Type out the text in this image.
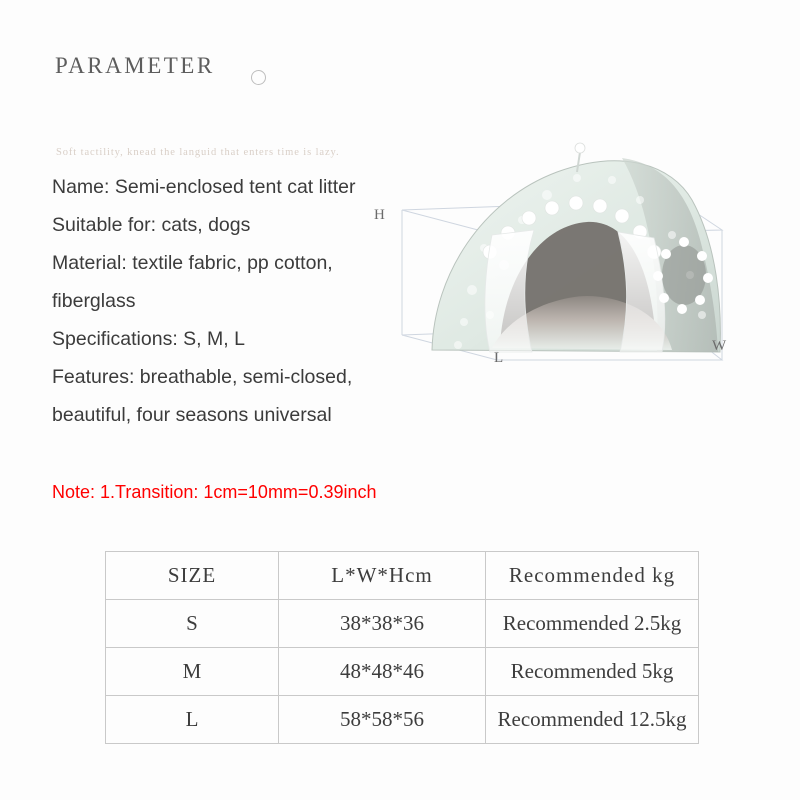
PARAMETER
Soft tactility, knead the languid that enters time is lazy.
Name: Semi-enclosed tent cat litter
Suitable for: cats, dogs
Material: textile fabric, pp cotton,
fiberglass
Specifications: S, M, L
Features: breathable, semi-closed,
beautiful, four seasons universal
Note: 1.Transition: 1cm=10mm=0.39inch
H
L
W
SIZE	L*W*Hcm	Recommended kg
S	38*38*36	Recommended 2.5kg
M	48*48*46	Recommended 5kg
L	58*58*56	Recommended 12.5kg
